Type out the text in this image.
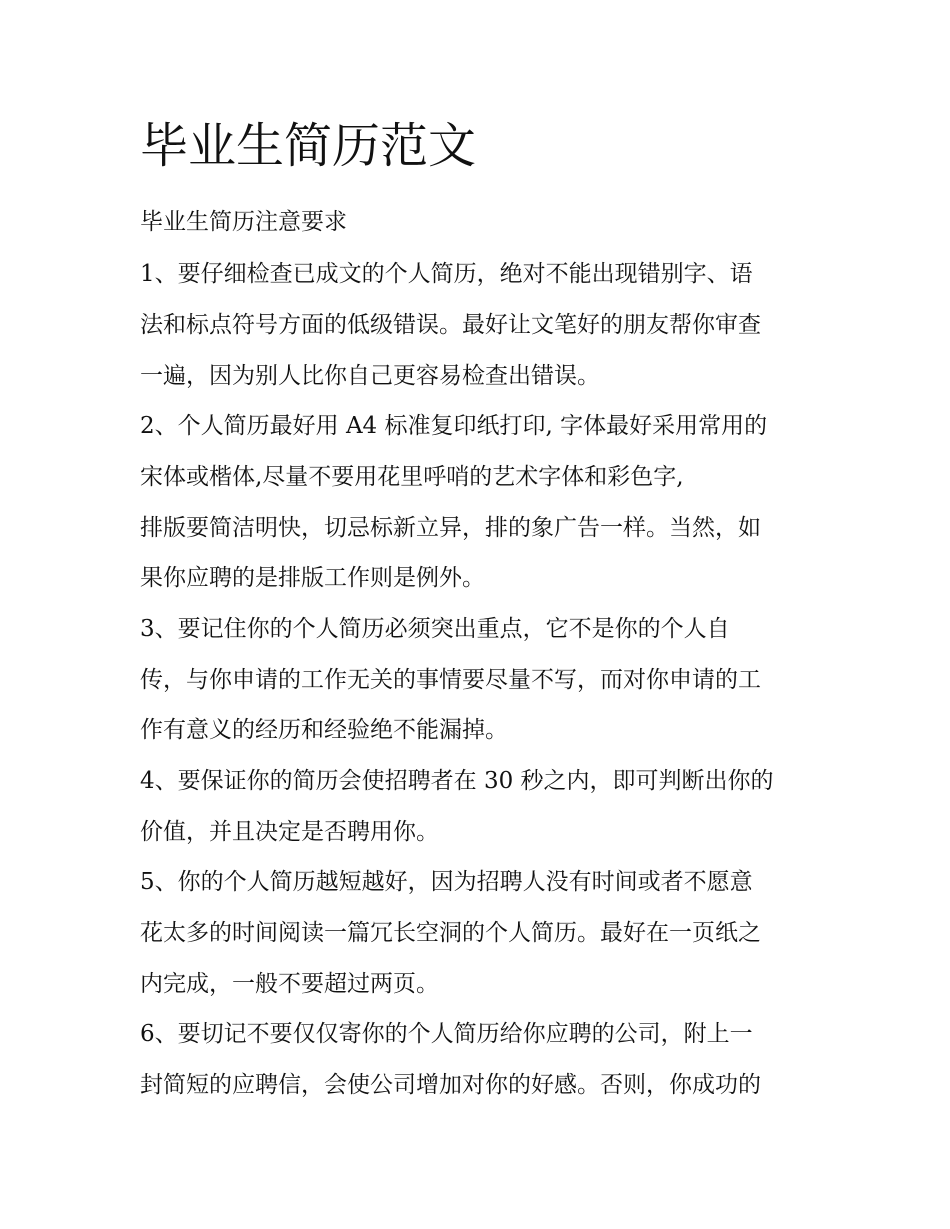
毕业生简历范文

毕业生简历注意要求

1、要仔细检查已成文的个人简历，绝对不能出现错别字、语

法和标点符号方面的低级错误。最好让文笔好的朋友帮你审查

一遍，因为别人比你自己更容易检查出错误。

2、个人简历最好用 A4 标准复印纸打印, 字体最好采用常用的

宋体或楷体,尽量不要用花里呼哨的艺术字体和彩色字,

排版要简洁明快，切忌标新立异，排的象广告一样。当然，如

果你应聘的是排版工作则是例外。

3、要记住你的个人简历必须突出重点，它不是你的个人自

传，与你申请的工作无关的事情要尽量不写，而对你申请的工

作有意义的经历和经验绝不能漏掉。

4、要保证你的简历会使招聘者在 30 秒之内，即可判断出你的

价值，并且决定是否聘用你。

5、你的个人简历越短越好，因为招聘人没有时间或者不愿意

花太多的时间阅读一篇冗长空洞的个人简历。最好在一页纸之

内完成，一般不要超过两页。

6、要切记不要仅仅寄你的个人简历给你应聘的公司，附上一

封简短的应聘信，会使公司增加对你的好感。否则，你成功的
